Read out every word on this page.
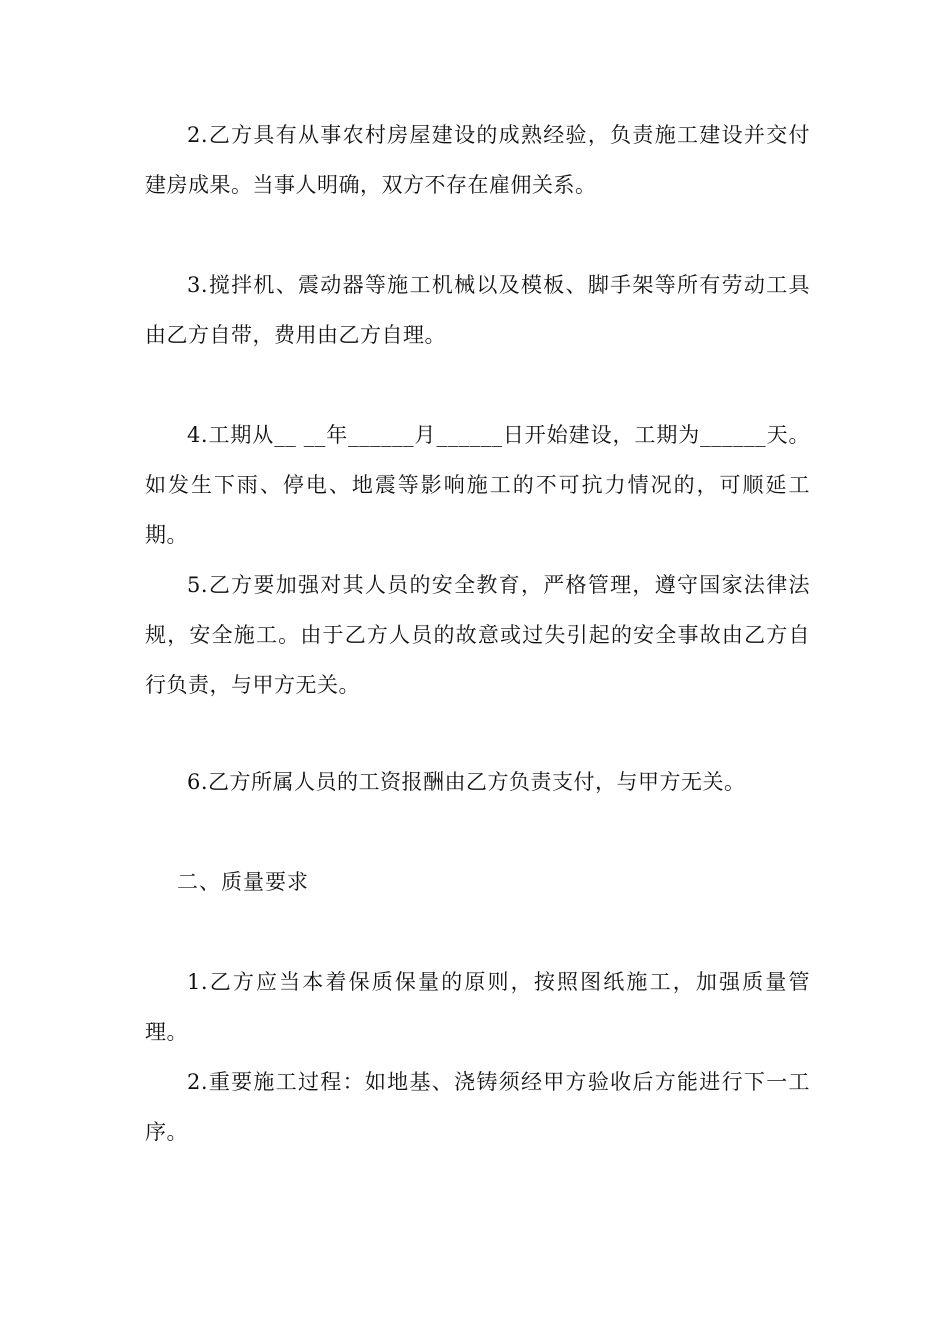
2.乙方具有从事农村房屋建设的成熟经验，负责施工建设并交付建房成果。当事人明确，双方不存在雇佣关系。

3.搅拌机、震动器等施工机械以及模板、脚手架等所有劳动工具由乙方自带，费用由乙方自理。

4.工期从__ __年______月______日开始建设，工期为______天。如发生下雨、停电、地震等影响施工的不可抗力情况的，可顺延工期。

5.乙方要加强对其人员的安全教育，严格管理，遵守国家法律法规，安全施工。由于乙方人员的故意或过失引起的安全事故由乙方自行负责，与甲方无关。

6.乙方所属人员的工资报酬由乙方负责支付，与甲方无关。

二、质量要求

1.乙方应当本着保质保量的原则，按照图纸施工，加强质量管理。

2.重要施工过程：如地基、浇铸须经甲方验收后方能进行下一工序。
